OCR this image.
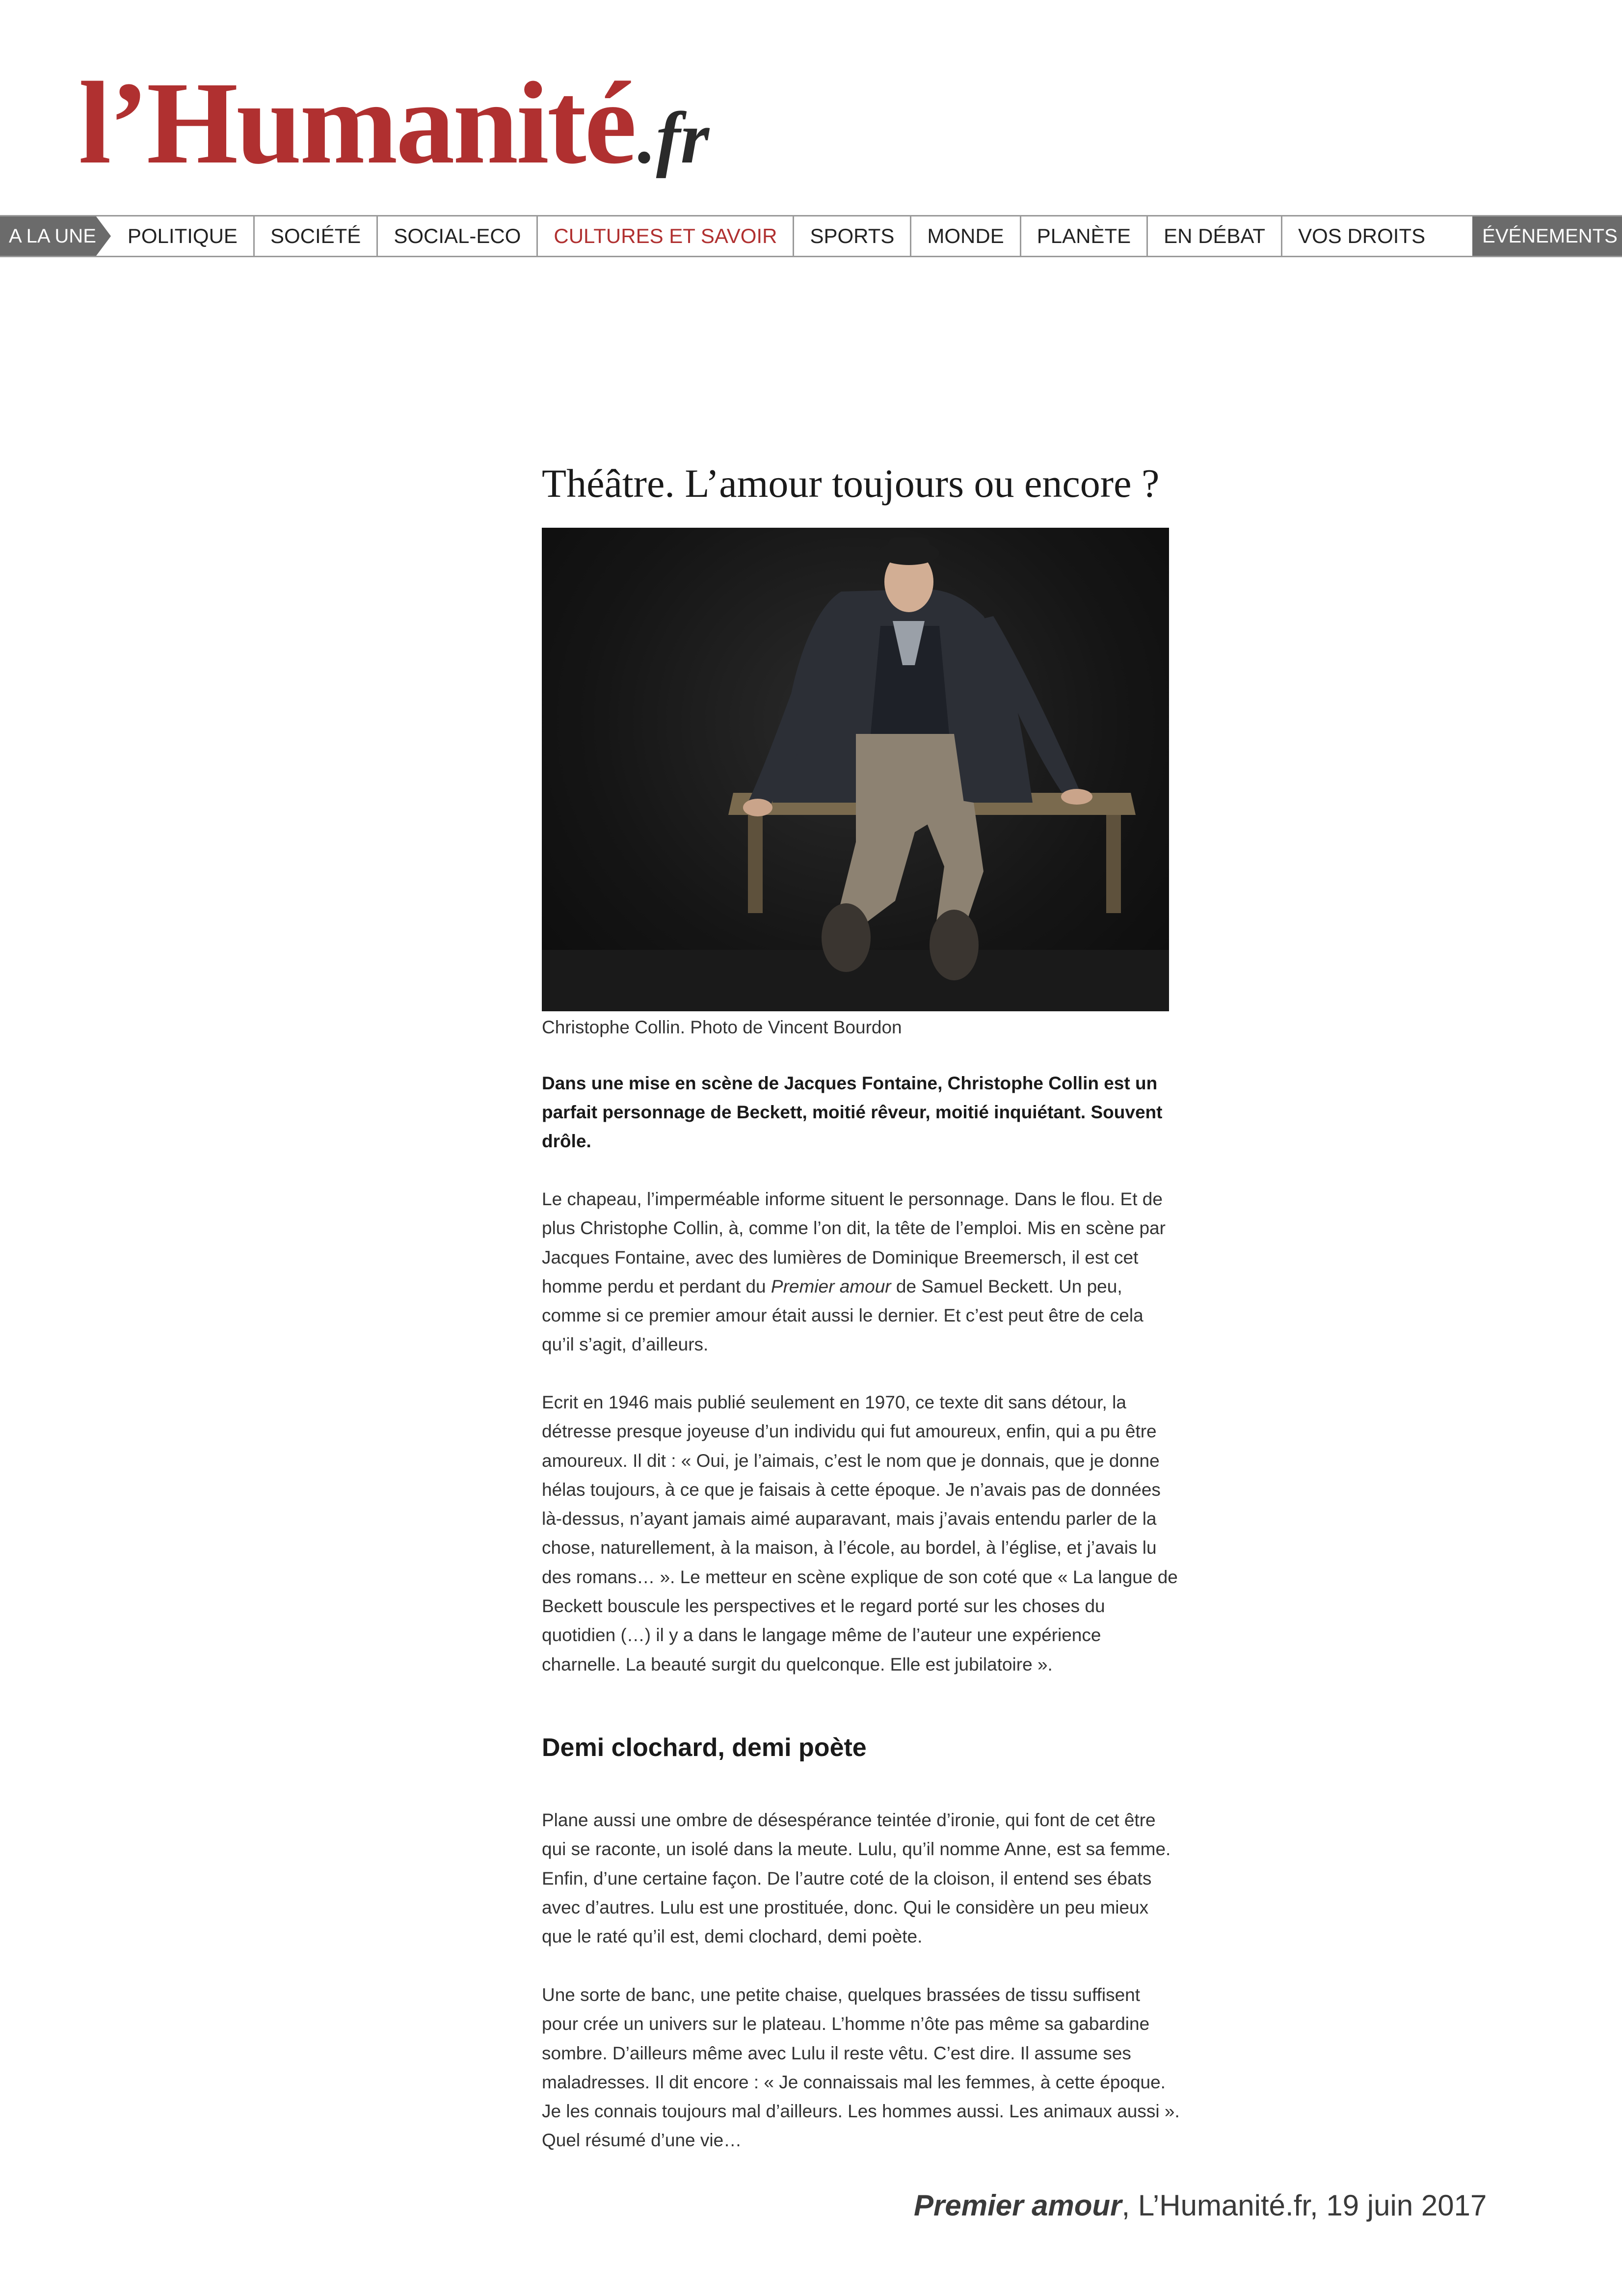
l’Humanité.fr
A LA UNE	POLITIQUE	SOCIÉTÉ	SOCIAL-ECO	CULTURES ET SAVOIR	SPORTS	MONDE	PLANÈTE	EN DÉBAT	VOS DROITS	ÉVÉNEMENTS
Théâtre. L’amour toujours ou encore ?
Christophe Collin. Photo de Vincent Bourdon

Dans une mise en scène de Jacques Fontaine, Christophe Collin est un parfait personnage de Beckett, moitié rêveur, moitié inquiétant. Souvent drôle.

Le chapeau, l’imperméable informe situent le personnage. Dans le flou. Et de plus Christophe Collin, à, comme l’on dit, la tête de l’emploi. Mis en scène par Jacques Fontaine, avec des lumières de Dominique Breemersch, il est cet homme perdu et perdant du Premier amour de Samuel Beckett. Un peu, comme si ce premier amour était aussi le dernier. Et c’est peut être de cela qu’il s’agit, d’ailleurs.

Ecrit en 1946 mais publié seulement en 1970, ce texte dit sans détour, la détresse presque joyeuse d’un individu qui fut amoureux, enfin, qui a pu être amoureux. Il dit : « Oui, je l’aimais, c’est le nom que je donnais, que je donne hélas toujours, à ce que je faisais à cette époque. Je n’avais pas de données là-dessus, n’ayant jamais aimé auparavant, mais j’avais entendu parler de la chose, naturellement, à la maison, à l’école, au bordel, à l’église, et j’avais lu des romans… ». Le metteur en scène explique de son coté que « La langue de Beckett bouscule les perspectives et le regard porté sur les choses du quotidien (…) il y a dans le langage même de l’auteur une expérience charnelle. La beauté surgit du quelconque. Elle est jubilatoire ».

Demi clochard, demi poète

Plane aussi une ombre de désespérance teintée d’ironie, qui font de cet être qui se raconte, un isolé dans la meute. Lulu, qu’il nomme Anne, est sa femme. Enfin, d’une certaine façon. De l’autre coté de la cloison, il entend ses ébats avec d’autres. Lulu est une prostituée, donc. Qui le considère un peu mieux que le raté qu’il est, demi clochard, demi poète.

Une sorte de banc, une petite chaise, quelques brassées de tissu suffisent pour crée un univers sur le plateau. L’homme n’ôte pas même sa gabardine sombre. D’ailleurs même avec Lulu il reste vêtu. C’est dire. Il assume ses maladresses. Il dit encore : « Je connaissais mal les femmes, à cette époque. Je les connais toujours mal d’ailleurs. Les hommes aussi. Les animaux aussi ». Quel résumé d’une vie…

Premier amour, L’Humanité.fr, 19 juin 2017
